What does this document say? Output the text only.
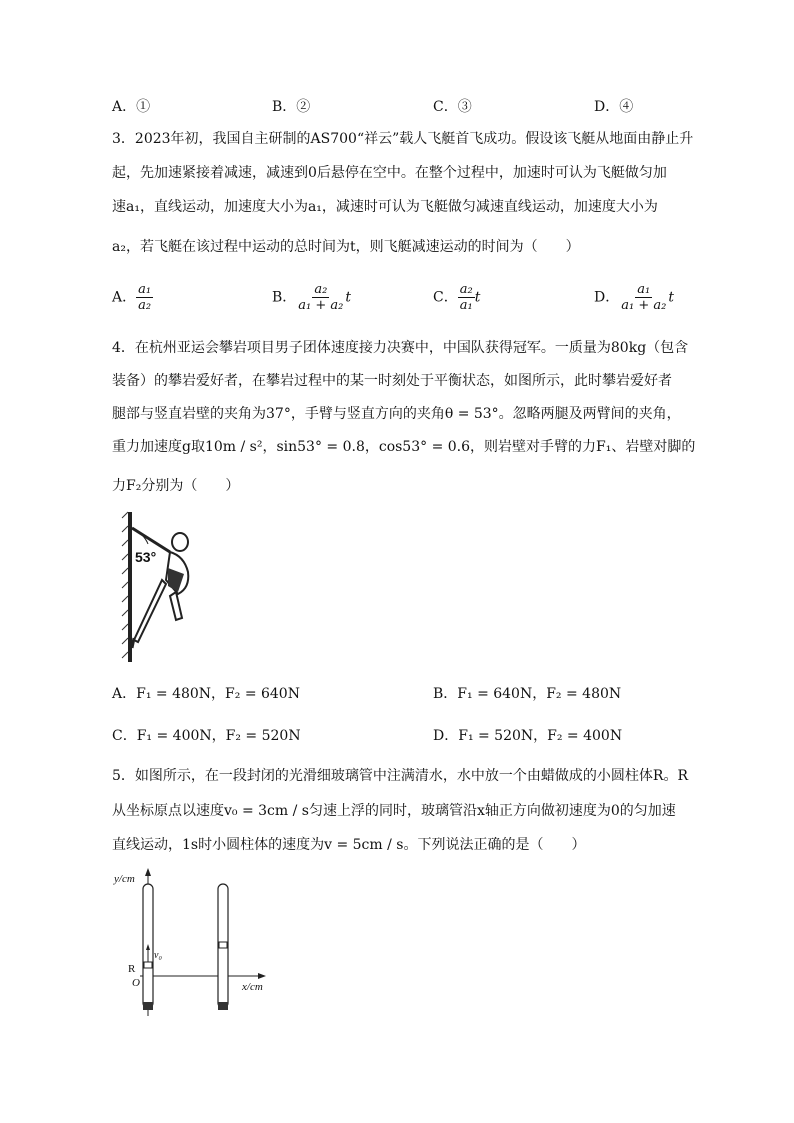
A．①	B．②	C．③	D．④
3．2023年初，我国自主研制的AS700“祥云”载人飞艇首飞成功。假设该飞艇从地面由静止升
起，先加速紧接着减速，减速到0后悬停在空中。在整个过程中，加速时可认为飞艇做匀加
速a₁，直线运动，加速度大小为a₁，减速时可认为飞艇做匀减速直线运动，加速度大小为
a₂，若飞艇在该过程中运动的总时间为t，则飞艇减速运动的时间为（　　）
A． $\frac{\text{a₁}}{\text{a₂}}$	B． $\frac{\text{a₂}}{\text{a₁ + a₂}}$ t	C． $\frac{\text{a₂}}{\text{a₁}}$ t	D． $\frac{\text{a₁}}{\text{a₁ + a₂}}$ t
4．在杭州亚运会攀岩项目男子团体速度接力决赛中，中国队获得冠军。一质量为80kg（包含
装备）的攀岩爱好者，在攀岩过程中的某一时刻处于平衡状态，如图所示，此时攀岩爱好者
腿部与竖直岩壁的夹角为37°，手臂与竖直方向的夹角θ = 53°。忽略两腿及两臂间的夹角，
重力加速度g取10m / s²，sin53° = 0.8，cos53° = 0.6，则岩壁对手臂的力F₁、岩壁对脚的
力F₂分别为（　　）
53°
A．F₁ = 480N，F₂ = 640N	B．F₁ = 640N，F₂ = 480N
C．F₁ = 400N，F₂ = 520N	D．F₁ = 520N，F₂ = 400N
5．如图所示，在一段封闭的光滑细玻璃管中注满清水，水中放一个由蜡做成的小圆柱体R。R
从坐标原点以速度v₀ = 3cm / s匀速上浮的同时，玻璃管沿x轴正方向做初速度为0的匀加速
直线运动，1s时小圆柱体的速度为v = 5cm / s。下列说法正确的是（　　）
y/cm
x/cm
R
O
v₀
